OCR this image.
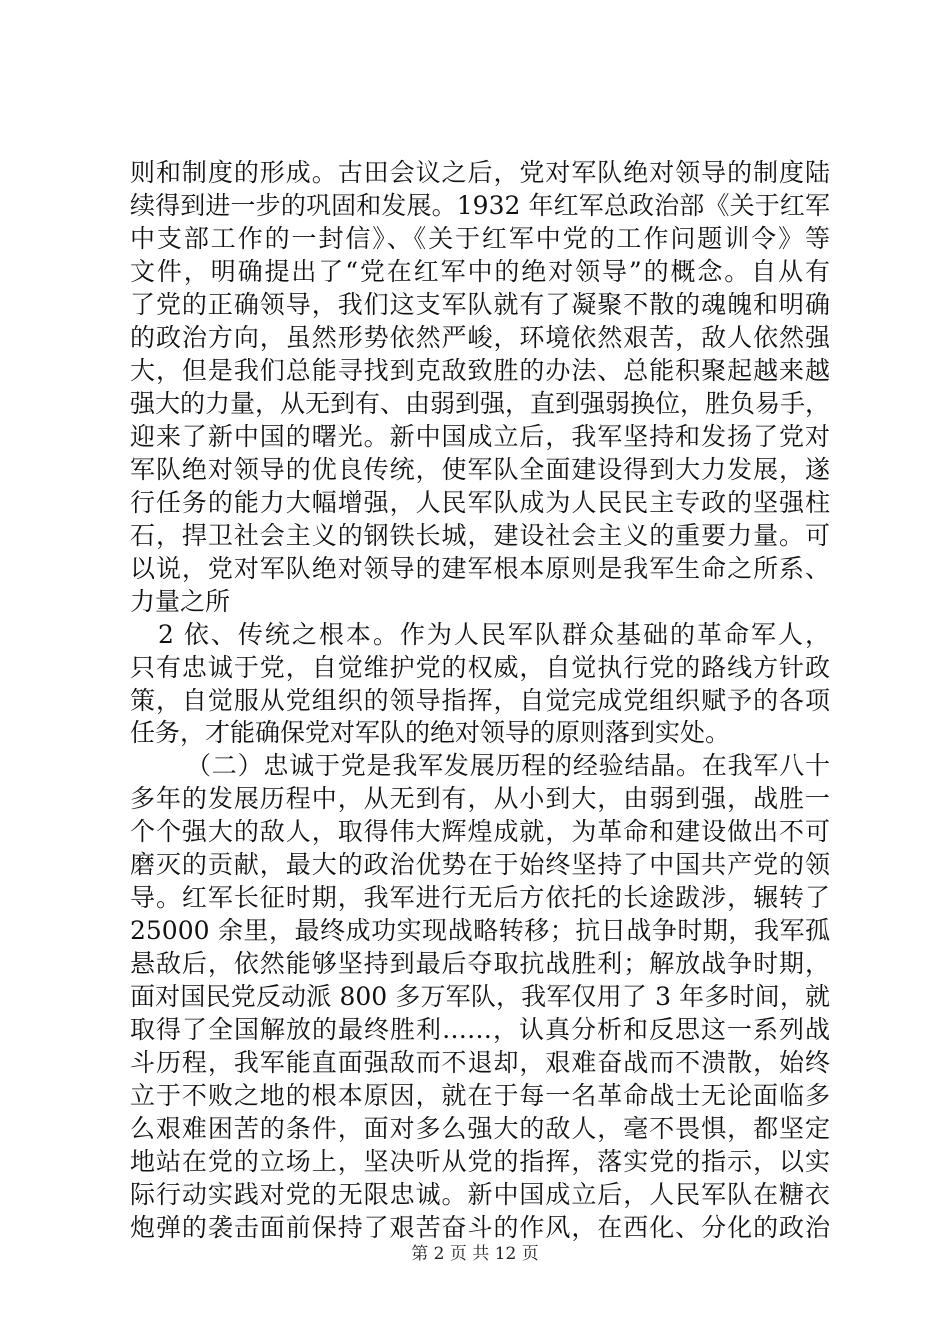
则和制度的形成。古田会议之后，党对军队绝对领导的制度陆
续得到进一步的巩固和发展。1932 年红军总政治部《关于红军
中支部工作的一封信》、《关于红军中党的工作问题训令》等
文件，明确提出了“党在红军中的绝对领导”的概念。自从有
了党的正确领导，我们这支军队就有了凝聚不散的魂魄和明确
的政治方向，虽然形势依然严峻，环境依然艰苦，敌人依然强
大，但是我们总能寻找到克敌致胜的办法、总能积聚起越来越
强大的力量，从无到有、由弱到强，直到强弱换位，胜负易手，
迎来了新中国的曙光。新中国成立后，我军坚持和发扬了党对
军队绝对领导的优良传统，使军队全面建设得到大力发展，遂
行任务的能力大幅增强，人民军队成为人民民主专政的坚强柱
石，捍卫社会主义的钢铁长城，建设社会主义的重要力量。可
以说，党对军队绝对领导的建军根本原则是我军生命之所系、
力量之所
2 依、传统之根本。作为人民军队群众基础的革命军人，
只有忠诚于党，自觉维护党的权威，自觉执行党的路线方针政
策，自觉服从党组织的领导指挥，自觉完成党组织赋予的各项
任务，才能确保党对军队的绝对领导的原则落到实处。
（二）忠诚于党是我军发展历程的经验结晶。在我军八十
多年的发展历程中，从无到有，从小到大，由弱到强，战胜一
个个强大的敌人，取得伟大辉煌成就，为革命和建设做出不可
磨灭的贡献，最大的政治优势在于始终坚持了中国共产党的领
导。红军长征时期，我军进行无后方依托的长途跋涉，辗转了
25000 余里，最终成功实现战略转移；抗日战争时期，我军孤
悬敌后，依然能够坚持到最后夺取抗战胜利；解放战争时期，
面对国民党反动派 800 多万军队，我军仅用了 3 年多时间，就
取得了全国解放的最终胜利……，认真分析和反思这一系列战
斗历程，我军能直面强敌而不退却，艰难奋战而不溃散，始终
立于不败之地的根本原因，就在于每一名革命战士无论面临多
么艰难困苦的条件，面对多么强大的敌人，毫不畏惧，都坚定
地站在党的立场上，坚决听从党的指挥，落实党的指示，以实
际行动实践对党的无限忠诚。新中国成立后，人民军队在糖衣
炮弹的袭击面前保持了艰苦奋斗的作风，在西化、分化的政治
第 2 页 共 12 页
